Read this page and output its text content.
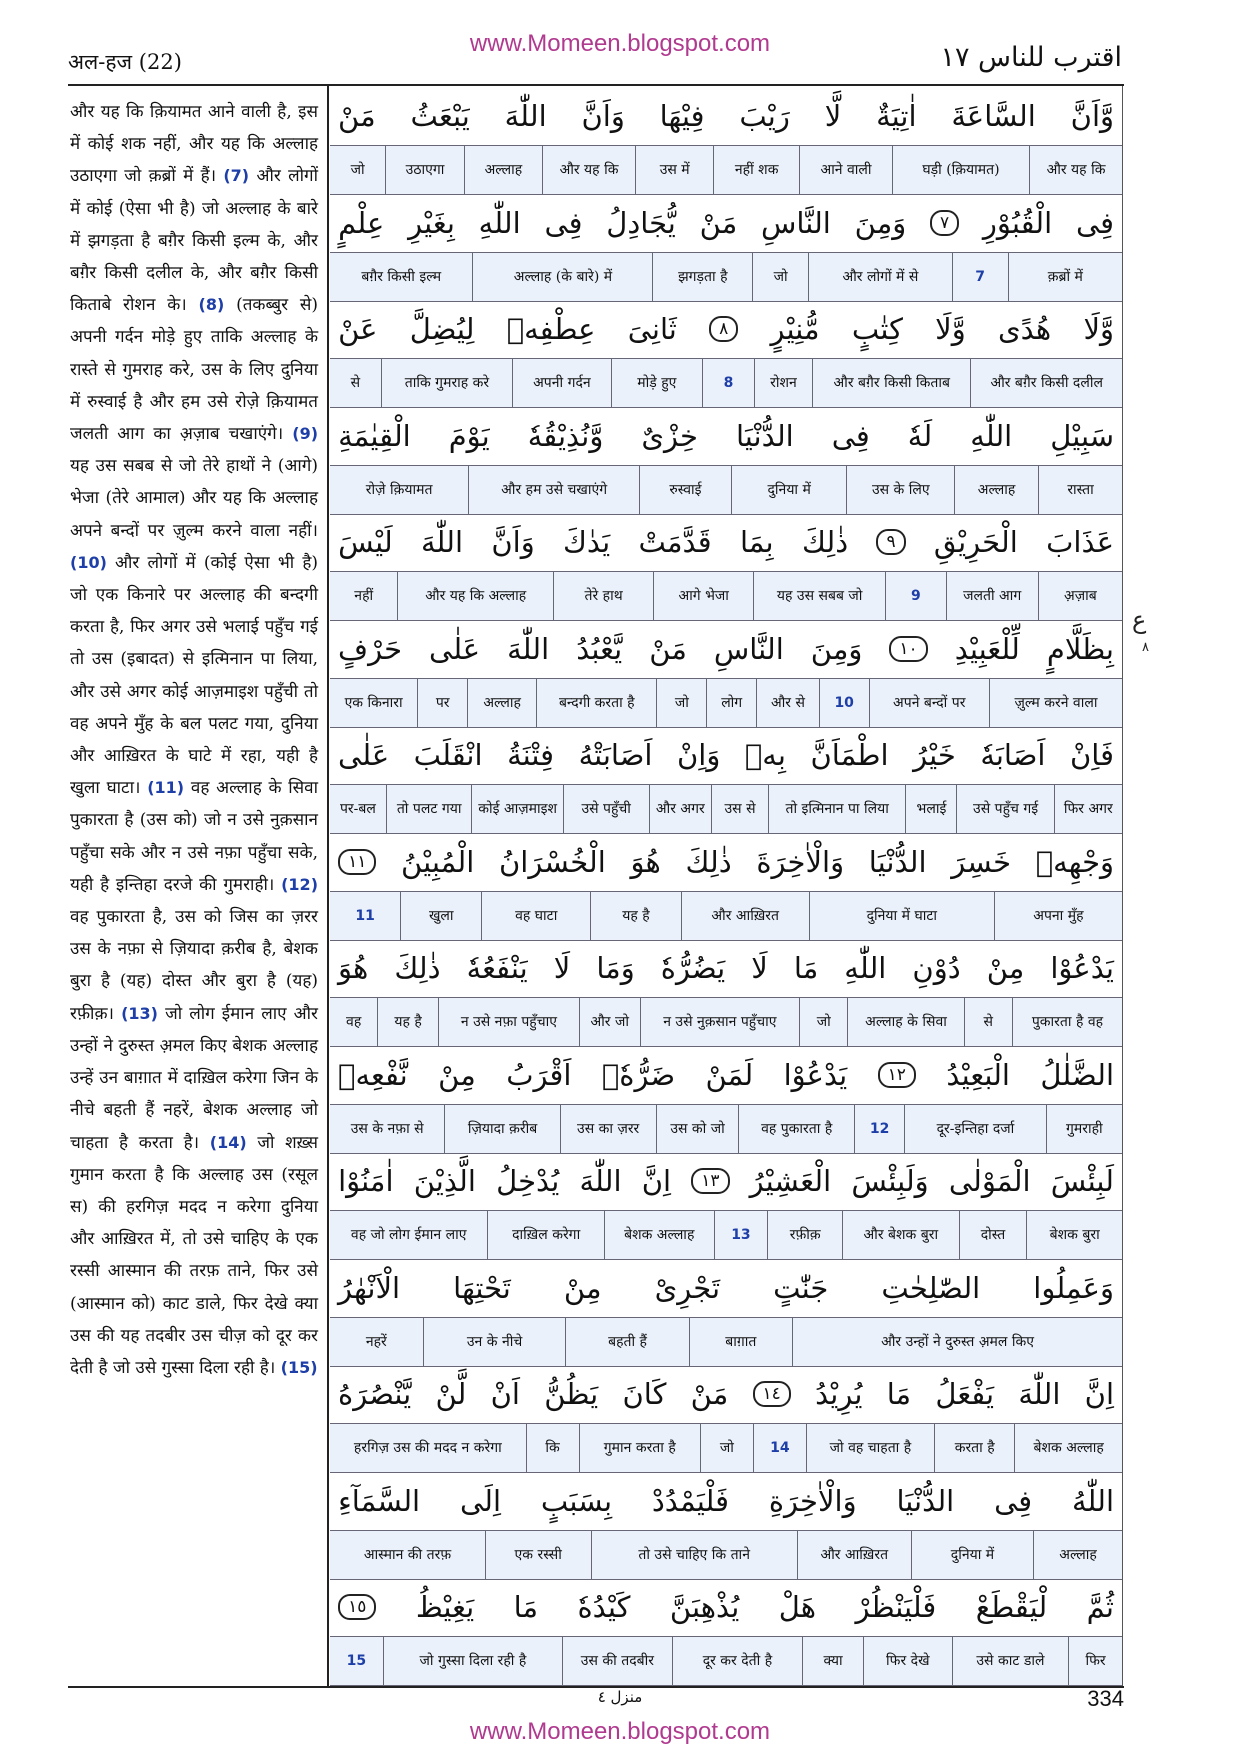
www.Momeen.blogspot.com
अल-हज (22)	اقترب للناس ١٧
और यह कि क़ियामत आने वाली है, इस में कोई शक नहीं, और यह कि अल्लाह उठाएगा जो क़ब्रों में हैं। (7) और लोगों में कोई (ऐसा भी है) जो अल्लाह के बारे में झगड़ता है बग़ैर किसी इल्म के, और बग़ैर किसी दलील के, और बग़ैर किसी किताबे रोशन के। (8) (तकब्बुर से) अपनी गर्दन मोड़े हुए ताकि अल्लाह के रास्ते से गुमराह करे, उस के लिए दुनिया में रुस्वाई है और हम उसे रोज़े क़ियामत जलती आग का अ़ज़ाब चखाएंगे। (9) यह उस सबब से जो तेरे हाथों ने (आगे) भेजा (तेरे आमाल) और यह कि अल्लाह अपने बन्दों पर ज़ुल्म करने वाला नहीं। (10) और लोगों में (कोई ऐसा भी है) जो एक किनारे पर अल्लाह की बन्दगी करता है, फिर अगर उसे भलाई पहुँच गई तो उस (इबादत) से इत्मिनान पा लिया, और उसे अगर कोई आज़माइश पहुँची तो वह अपने मुँह के बल पलट गया, दुनिया और आख़िरत के घाटे में रहा, यही है खुला घाटा। (11) वह अल्लाह के सिवा पुकारता है (उस को) जो न उसे नुक़सान पहुँचा सके और न उसे नफ़ा पहुँचा सके, यही है इन्तिहा दरजे की गुमराही। (12) वह पुकारता है, उस को जिस का ज़रर उस के नफ़ा से ज़ियादा क़रीब है, बेशक बुरा है (यह) दोस्त और बुरा है (यह) रफ़ीक़। (13) जो लोग ईमान लाए और उन्हों ने दुरुस्त अ़मल किए बेशक अल्लाह उन्हें उन बाग़ात में दाख़िल करेगा जिन के नीचे बहती हैं नहरें, बेशक अल्लाह जो चाहता है करता है। (14) जो शख़्स गुमान करता है कि अल्लाह उस (रसूल स) की हरगिज़ मदद न करेगा दुनिया और आख़िरत में, तो उसे चाहिए के एक रस्सी आस्मान की तरफ़ ताने, फिर उसे (आस्मान को) काट डाले, फिर देखे क्या उस की यह तदबीर उस चीज़ को दूर कर देती है जो उसे गुस्सा दिला रही है। (15)
وَّاَنَّ
السَّاعَةَ
اٰتِيَةٌ
لَّا
رَيْبَ
فِيْهَا
وَاَنَّ
اللّٰهَ
يَبْعَثُ
مَنْ
और यह कि
घड़ी (क़ियामत)
आने वाली
नहीं शक
उस में
और यह कि
अल्लाह
उठाएगा
जो
فِى
الْقُبُوْرِ
٧
وَمِنَ
النَّاسِ
مَنْ
يُّجَادِلُ
فِى
اللّٰهِ
بِغَيْرِ
عِلْمٍ
क़ब्रों में
7
और लोगों में से
जो
झगड़ता है
अल्लाह (के बारे) में
बग़ैर किसी इल्म
وَّلَا
هُدًى
وَّلَا
كِتٰبٍ
مُّنِيْرٍ
٨
ثَانِىَ
عِطْفِهٖ
لِيُضِلَّ
عَنْ
और बग़ैर किसी दलील
और बग़ैर किसी किताब
रोशन
8
मोड़े हुए
अपनी गर्दन
ताकि गुमराह करे
से
سَبِيْلِ
اللّٰهِ
لَهٗ
فِى
الدُّنْيَا
خِزْىٌ
وَّنُذِيْقُهٗ
يَوْمَ
الْقِيٰمَةِ
रास्ता
अल्लाह
उस के लिए
दुनिया में
रुस्वाई
और हम उसे चखाएंगे
रोज़े क़ियामत
عَذَابَ
الْحَرِيْقِ
٩
ذٰلِكَ
بِمَا
قَدَّمَتْ
يَدٰكَ
وَاَنَّ
اللّٰهَ
لَيْسَ
अ़ज़ाब
जलती आग
9
यह उस सबब जो
आगे भेजा
तेरे हाथ
और यह कि अल्लाह
नहीं
بِظَلَّامٍ
لِّلْعَبِيْدِ
١٠
وَمِنَ
النَّاسِ
مَنْ
يَّعْبُدُ
اللّٰهَ
عَلٰى
حَرْفٍ
ज़ुल्म करने वाला
अपने बन्दों पर
10
और से
लोग
जो
बन्दगी करता है
अल्लाह
पर
एक किनारा
فَاِنْ
اَصَابَهٗ
خَيْرُ
اطْمَاَنَّ
بِهٖ
وَاِنْ
اَصَابَتْهُ
فِتْنَةُ
انْقَلَبَ
عَلٰى
फिर अगर
उसे पहुँच गई
भलाई
तो इत्मिनान पा लिया
उस से
और अगर
उसे पहुँची
कोई आज़माइश
तो पलट गया
पर-बल
وَجْهِهٖ
خَسِرَ
الدُّنْيَا
وَالْاٰخِرَةَ
ذٰلِكَ
هُوَ
الْخُسْرَانُ
الْمُبِيْنُ
١١
अपना मुँह
दुनिया में घाटा
और आख़िरत
यह है
वह घाटा
खुला
11
يَدْعُوْا
مِنْ
دُوْنِ
اللّٰهِ
مَا
لَا
يَضُرُّهٗ
وَمَا
لَا
يَنْفَعُهٗ
ذٰلِكَ
هُوَ
पुकारता है वह
से
अल्लाह के सिवा
जो
न उसे नुक़सान पहुँचाए
और जो
न उसे नफ़ा पहुँचाए
यह है
वह
الضَّلٰلُ
الْبَعِيْدُ
١٢
يَدْعُوْا
لَمَنْ
ضَرُّهٗۤ
اَقْرَبُ
مِنْ
نَّفْعِهٖ
गुमराही
दूर-इन्तिहा दर्जा
12
वह पुकारता है
उस को जो
उस का ज़रर
ज़ियादा क़रीब
उस के नफ़ा से
لَبِئْسَ
الْمَوْلٰى
وَلَبِئْسَ
الْعَشِيْرُ
١٣
اِنَّ
اللّٰهَ
يُدْخِلُ
الَّذِيْنَ
اٰمَنُوْا
बेशक बुरा
दोस्त
और बेशक बुरा
रफ़ीक़
13
बेशक अल्लाह
दाख़िल करेगा
वह जो लोग ईमान लाए
وَعَمِلُوا
الصّٰلِحٰتِ
جَنّٰتٍ
تَجْرِىْ
مِنْ
تَحْتِهَا
الْاَنْهٰرُ
और उन्हों ने दुरुस्त अ़मल किए
बाग़ात
बहती हैं
उन के नीचे
नहरें
اِنَّ
اللّٰهَ
يَفْعَلُ
مَا
يُرِيْدُ
١٤
مَنْ
كَانَ
يَظُنُّ
اَنْ
لَّنْ
يَّنْصُرَهُ
बेशक अल्लाह
करता है
जो वह चाहता है
14
जो
गुमान करता है
कि
हरगिज़ उस की मदद न करेगा
اللّٰهُ
فِى
الدُّنْيَا
وَالْاٰخِرَةِ
فَلْيَمْدُدْ
بِسَبَبٍ
اِلَى
السَّمَآءِ
अल्लाह
दुनिया में
और आख़िरत
तो उसे चाहिए कि ताने
एक रस्सी
आस्मान की तरफ़
ثُمَّ
لْيَقْطَعْ
فَلْيَنْظُرْ
هَلْ
يُذْهِبَنَّ
كَيْدُهٗ
مَا
يَغِيْظُ
١٥
फिर
उसे काट डाले
फिर देखे
क्या
दूर कर देती है
उस की तदबीर
जो गुस्सा दिला रही है
15
ع
٨
منزل ٤	334
www.Momeen.blogspot.com
